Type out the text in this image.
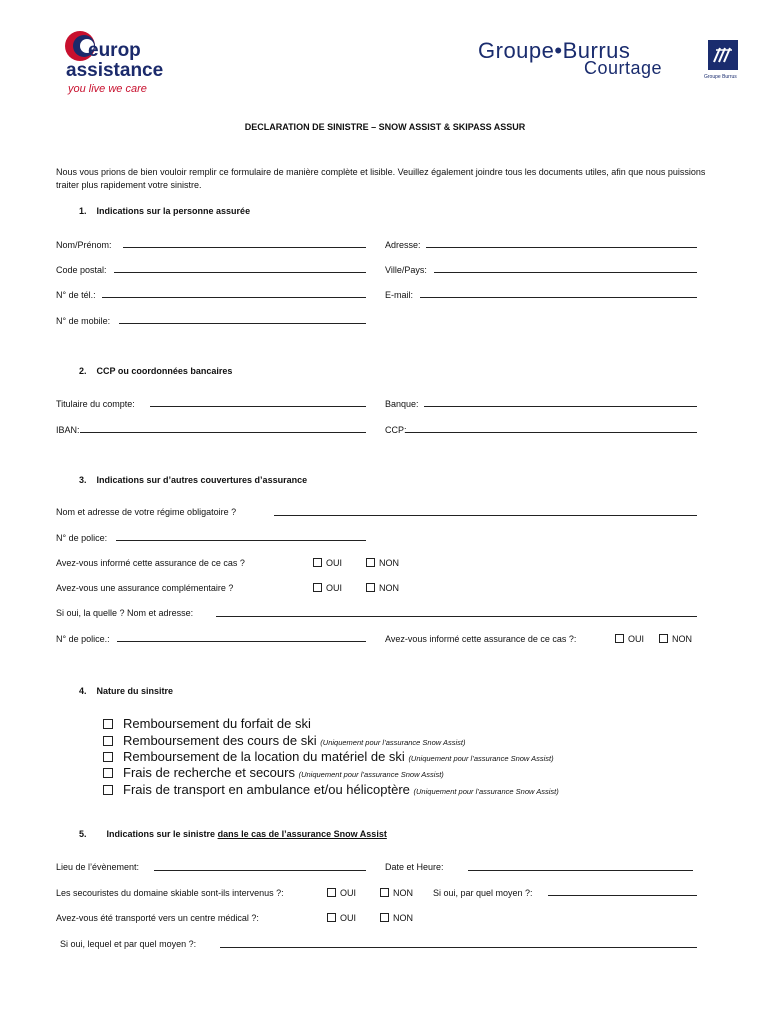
europ
assistance
you live we care
Groupe•Burrus
Courtage	Groupe Burrus
DECLARATION DE SINISTRE – SNOW ASSIST & SKIPASS ASSUR
Nous vous prions de bien vouloir remplir ce formulaire de manière complète et lisible. Veuillez également joindre tous les documents utiles, afin que nous puissions traiter plus rapidement votre sinistre.
1. Indications sur la personne assurée
Nom/Prénom:	Adresse:
Code postal:	Ville/Pays:
N° de tél.:	E-mail:
N° de mobile:
2. CCP ou coordonnées bancaires
Titulaire du compte:	Banque:
IBAN:	CCP:
3. Indications sur d’autres couvertures d’assurance
Nom et adresse de votre régime obligatoire ?
N° de police:
Avez-vous informé cette assurance de ce cas ?	OUI	NON
Avez-vous une assurance complémentaire ?	OUI	NON
Si oui, la quelle ? Nom et adresse:
N° de police.:	Avez-vous informé cette assurance de ce cas ?:	OUI	NON
4. Nature du sinsitre
Remboursement du forfait de ski
Remboursement des cours de ski (Uniquement pour l’assurance Snow Assist)
Remboursement de la location du matériel de ski (Uniquement pour l’assurance Snow Assist)
Frais de recherche et secours (Uniquement pour l’assurance Snow Assist)
Frais de transport en ambulance et/ou hélicoptère (Uniquement pour l’assurance Snow Assist)
5. Indications sur le sinistre dans le cas de l’assurance Snow Assist
Lieu de l’évènement:	Date et Heure:
Les secouristes du domaine skiable sont-ils intervenus ?:	OUI	NON Si oui, par quel moyen ?:
Avez-vous été transporté vers un centre médical ?:	OUI	NON
Si oui, lequel et par quel moyen ?:
